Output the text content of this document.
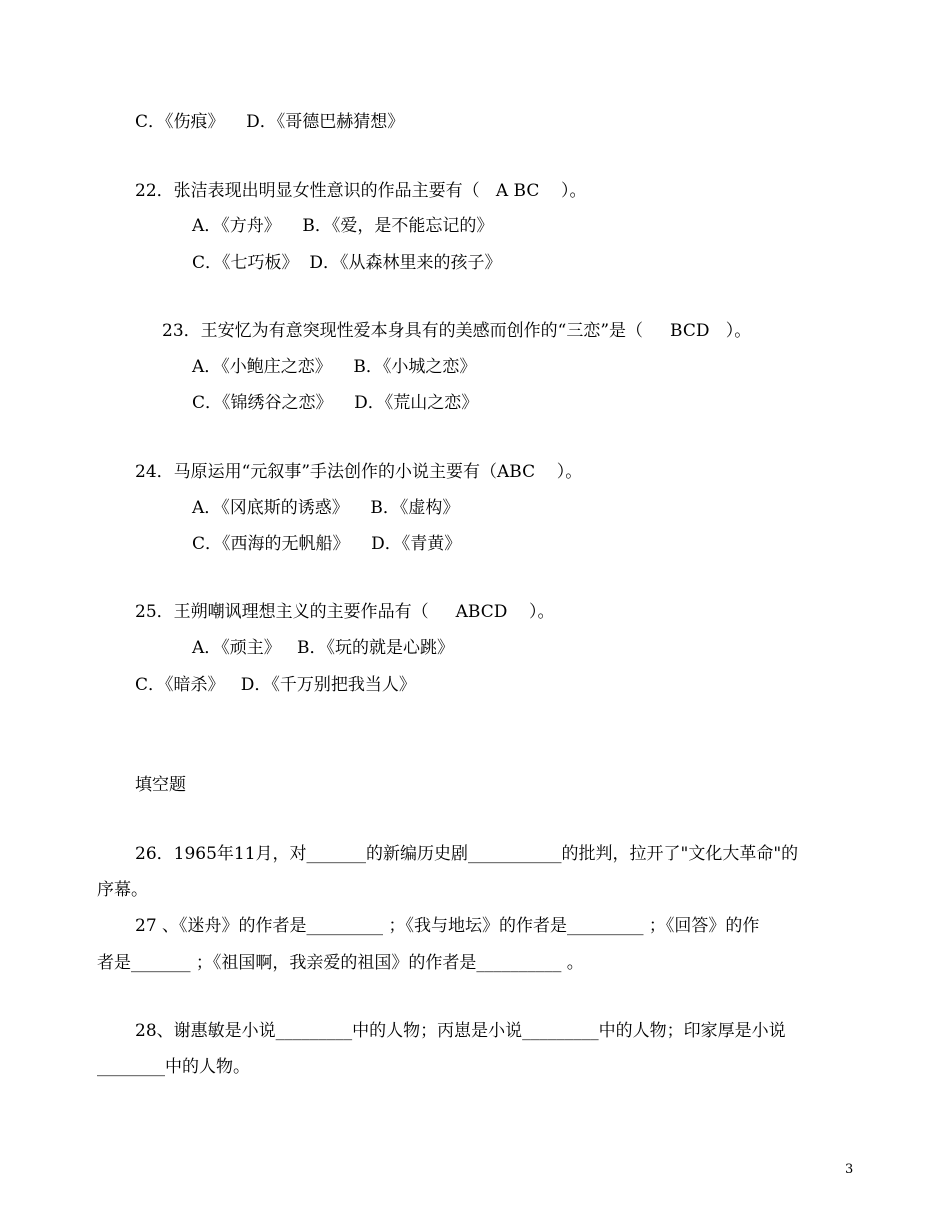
C．《伤痕》    D．《哥德巴赫猜想》
22．张洁表现出明显女性意识的作品主要有（   A BC    ）。
A．《方舟》    B．《爱，是不能忘记的》
C．《七巧板》  D．《从森林里来的孩子》
23．王安忆为有意突现性爱本身具有的美感而创作的“三恋”是（     BCD   ）。
A．《小鲍庄之恋》    B．《小城之恋》
C．《锦绣谷之恋》    D．《荒山之恋》
24．马原运用“元叙事”手法创作的小说主要有（ABC    ）。
A．《冈底斯的诱惑》    B．《虚构》
C．《西海的无帆船》    D．《青黄》
25．王朔嘲讽理想主义的主要作品有（     ABCD    ）。
A．《顽主》   B．《玩的就是心跳》
C．《暗杀》   D．《千万别把我当人》
填空题
26．1965年11月，对_______的新编历史剧___________的批判，拉开了"文化大革命"的
序幕。
27 、《迷舟》的作者是_________ ；《我与地坛》的作者是_________ ；《回答》的作
者是_______ ；《祖国啊，我亲爱的祖国》的作者是__________ 。
28、谢惠敏是小说_________中的人物；丙崽是小说_________中的人物；印家厚是小说
________中的人物。
3
